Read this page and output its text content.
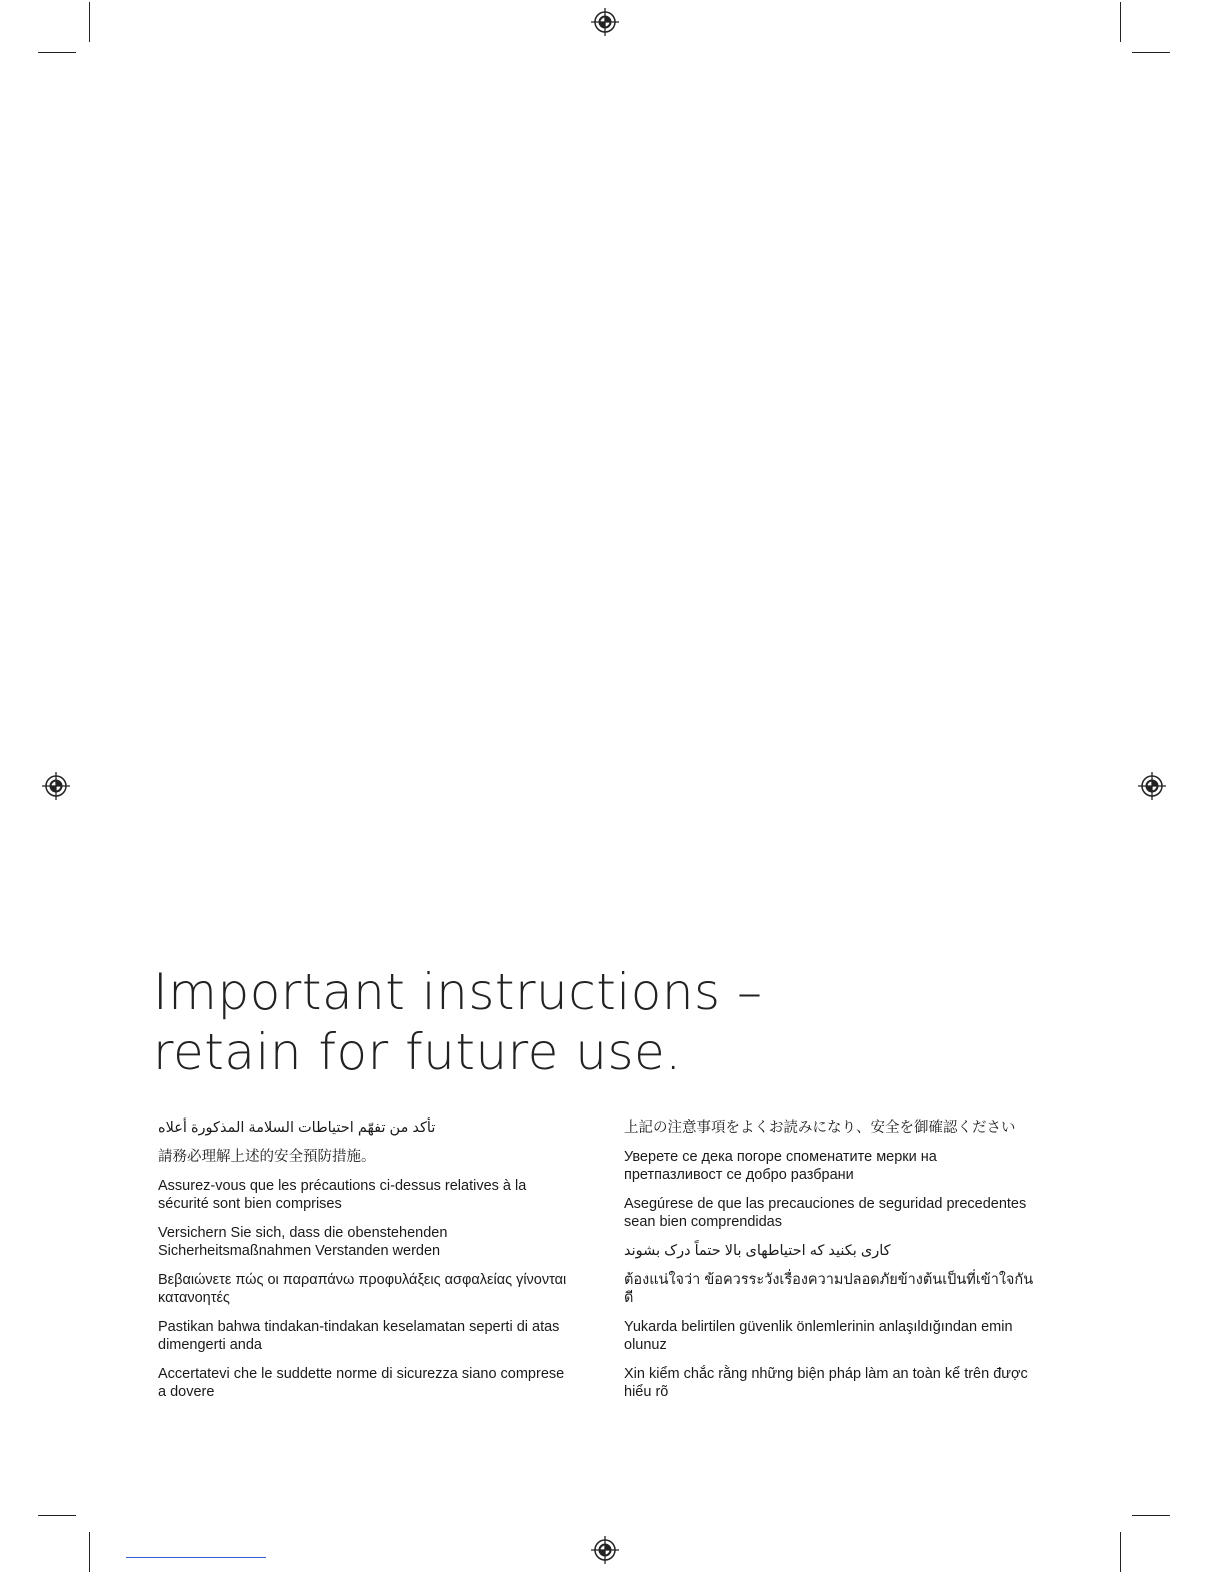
Important instructions –
retain for future use.

تأكد من تفهّم احتياطات السلامة المذكورة أعلاه

請務必理解上述的安全預防措施。

Assurez-vous que les précautions ci-dessus relatives à la sécurité sont bien comprises

Versichern Sie sich, dass die obenstehenden Sicherheitsmaßnahmen Verstanden werden

Βεβαιώνετε πώς οι παραπάνω προφυλάξεις ασφαλείας γίνονται κατανοητές

Pastikan bahwa tindakan-tindakan keselamatan seperti di atas dimengerti anda

Accertatevi che le suddette norme di sicurezza siano comprese a dovere

上記の注意事項をよくお読みになり、安全を御確認ください

Уверете се дека погоре споменатите мерки на претпазливост се добро разбрани

Asegúrese de que las precauciones de seguridad precedentes sean bien comprendidas

کاری بکنید که احتیاطهای بالا حتماً درک بشوند

ต้องแน่ใจว่า ข้อควรระวังเรื่องความปลอดภัยข้างต้นเป็นที่เข้าใจกันดี

Yukarda belirtilen güvenlik önlemlerinin anlaşıldığından emin olunuz

Xin kiểm chắc rằng những biện pháp làm an toàn kể trên được hiểu rõ
